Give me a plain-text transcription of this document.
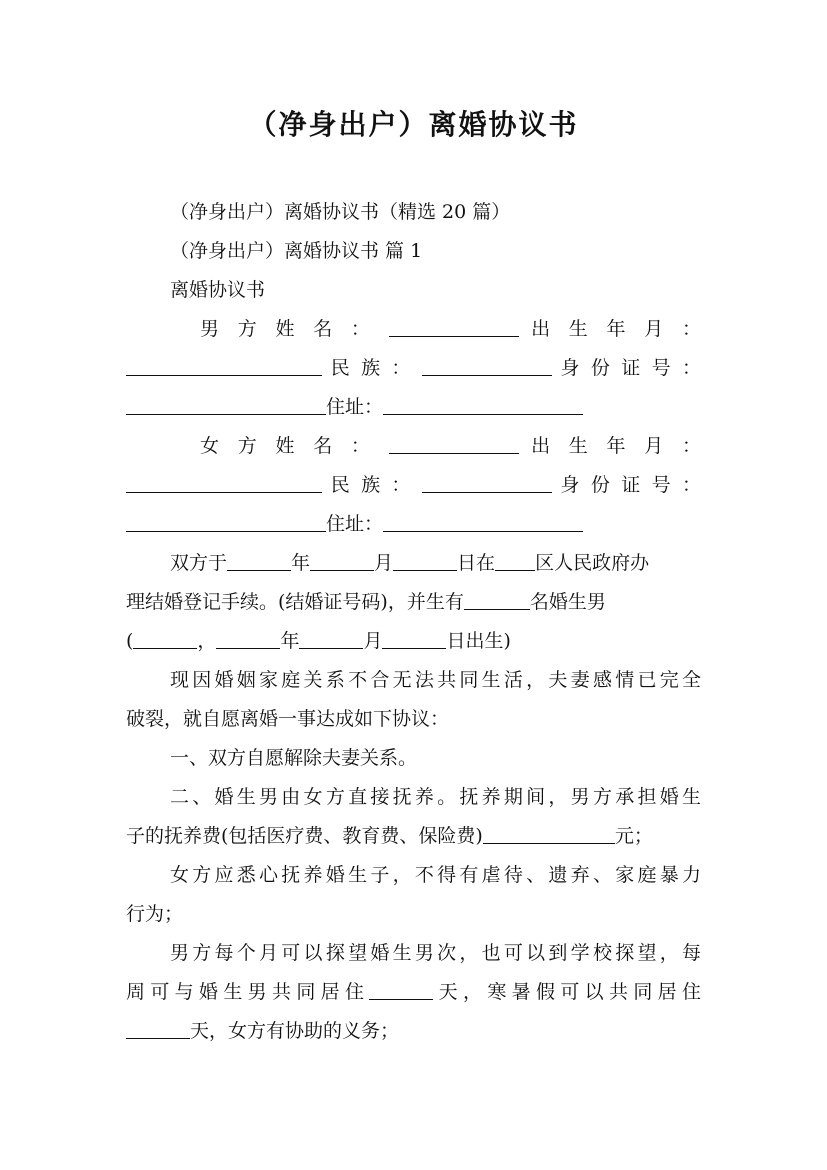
（净身出户）离婚协议书
（净身出户）离婚协议书（精选 20 篇）
（净身出户）离婚协议书 篇 1
离婚协议书
男 方 姓 名 ：	出 生 年 月 ：
民 族 ：	身 份 证 号 ：
住址：
女 方 姓 名 ：	出 生 年 月 ：
民 族 ：	身 份 证 号 ：
住址：
双方于	年	月	日在 区人民政府办
理结婚登记手续。(结婚证号码)，并生有	名婚生男
(	，	年	月	日出生)
现因婚姻家庭关系不合无法共同生活，夫妻感情已完全
破裂，就自愿离婚一事达成如下协议：
一、双方自愿解除夫妻关系。
二、婚生男由女方直接抚养。抚养期间，男方承担婚生
子的抚养费(包括医疗费、教育费、保险费)	元；
女方应悉心抚养婚生子，不得有虐待、遗弃、家庭暴力
行为；
男方每个月可以探望婚生男次，也可以到学校探望，每
周可与婚生男共同居住	天，寒暑假可以共同居住
天，女方有协助的义务；
